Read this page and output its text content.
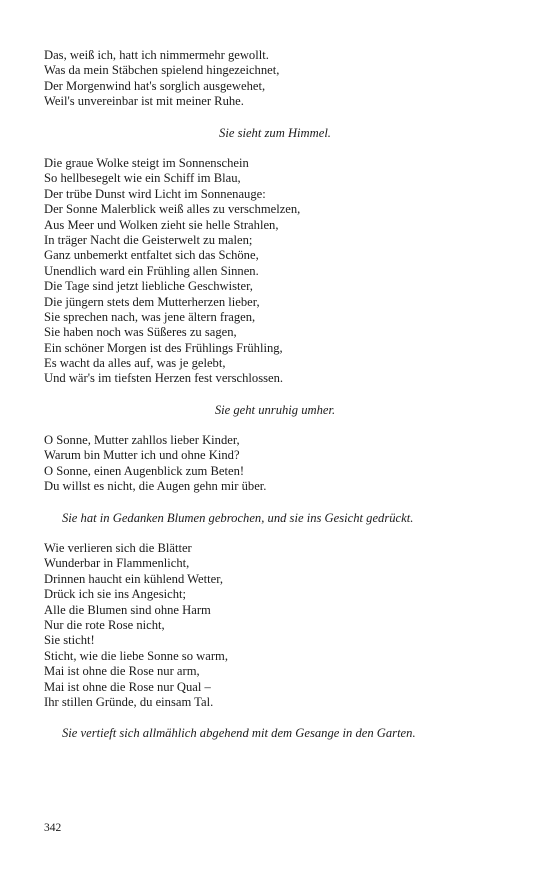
Das, weiß ich, hatt ich nimmermehr gewollt.
Was da mein Stäbchen spielend hingezeichnet,
Der Morgenwind hat's sorglich ausgewehet,
Weil's unvereinbar ist mit meiner Ruhe.
Sie sieht zum Himmel.
Die graue Wolke steigt im Sonnenschein
So hellbesegelt wie ein Schiff im Blau,
Der trübe Dunst wird Licht im Sonnenauge:
Der Sonne Malerblick weiß alles zu verschmelzen,
Aus Meer und Wolken zieht sie helle Strahlen,
In träger Nacht die Geisterwelt zu malen;
Ganz unbemerkt entfaltet sich das Schöne,
Unendlich ward ein Frühling allen Sinnen.
Die Tage sind jetzt liebliche Geschwister,
Die jüngern stets dem Mutterherzen lieber,
Sie sprechen nach, was jene ältern fragen,
Sie haben noch was Süßeres zu sagen,
Ein schöner Morgen ist des Frühlings Frühling,
Es wacht da alles auf, was je gelebt,
Und wär's im tiefsten Herzen fest verschlossen.
Sie geht unruhig umher.
O Sonne, Mutter zahllos lieber Kinder,
Warum bin Mutter ich und ohne Kind?
O Sonne, einen Augenblick zum Beten!
Du willst es nicht, die Augen gehn mir über.
Sie hat in Gedanken Blumen gebrochen, und sie ins Gesicht gedrückt.
Wie verlieren sich die Blätter
Wunderbar in Flammenlicht,
Drinnen haucht ein kühlend Wetter,
Drück ich sie ins Angesicht;
Alle die Blumen sind ohne Harm
Nur die rote Rose nicht,
Sie sticht!
Sticht, wie die liebe Sonne so warm,
Mai ist ohne die Rose nur arm,
Mai ist ohne die Rose nur Qual –
Ihr stillen Gründe, du einsam Tal.
Sie vertieft sich allmählich abgehend mit dem Gesange in den Garten.
342
